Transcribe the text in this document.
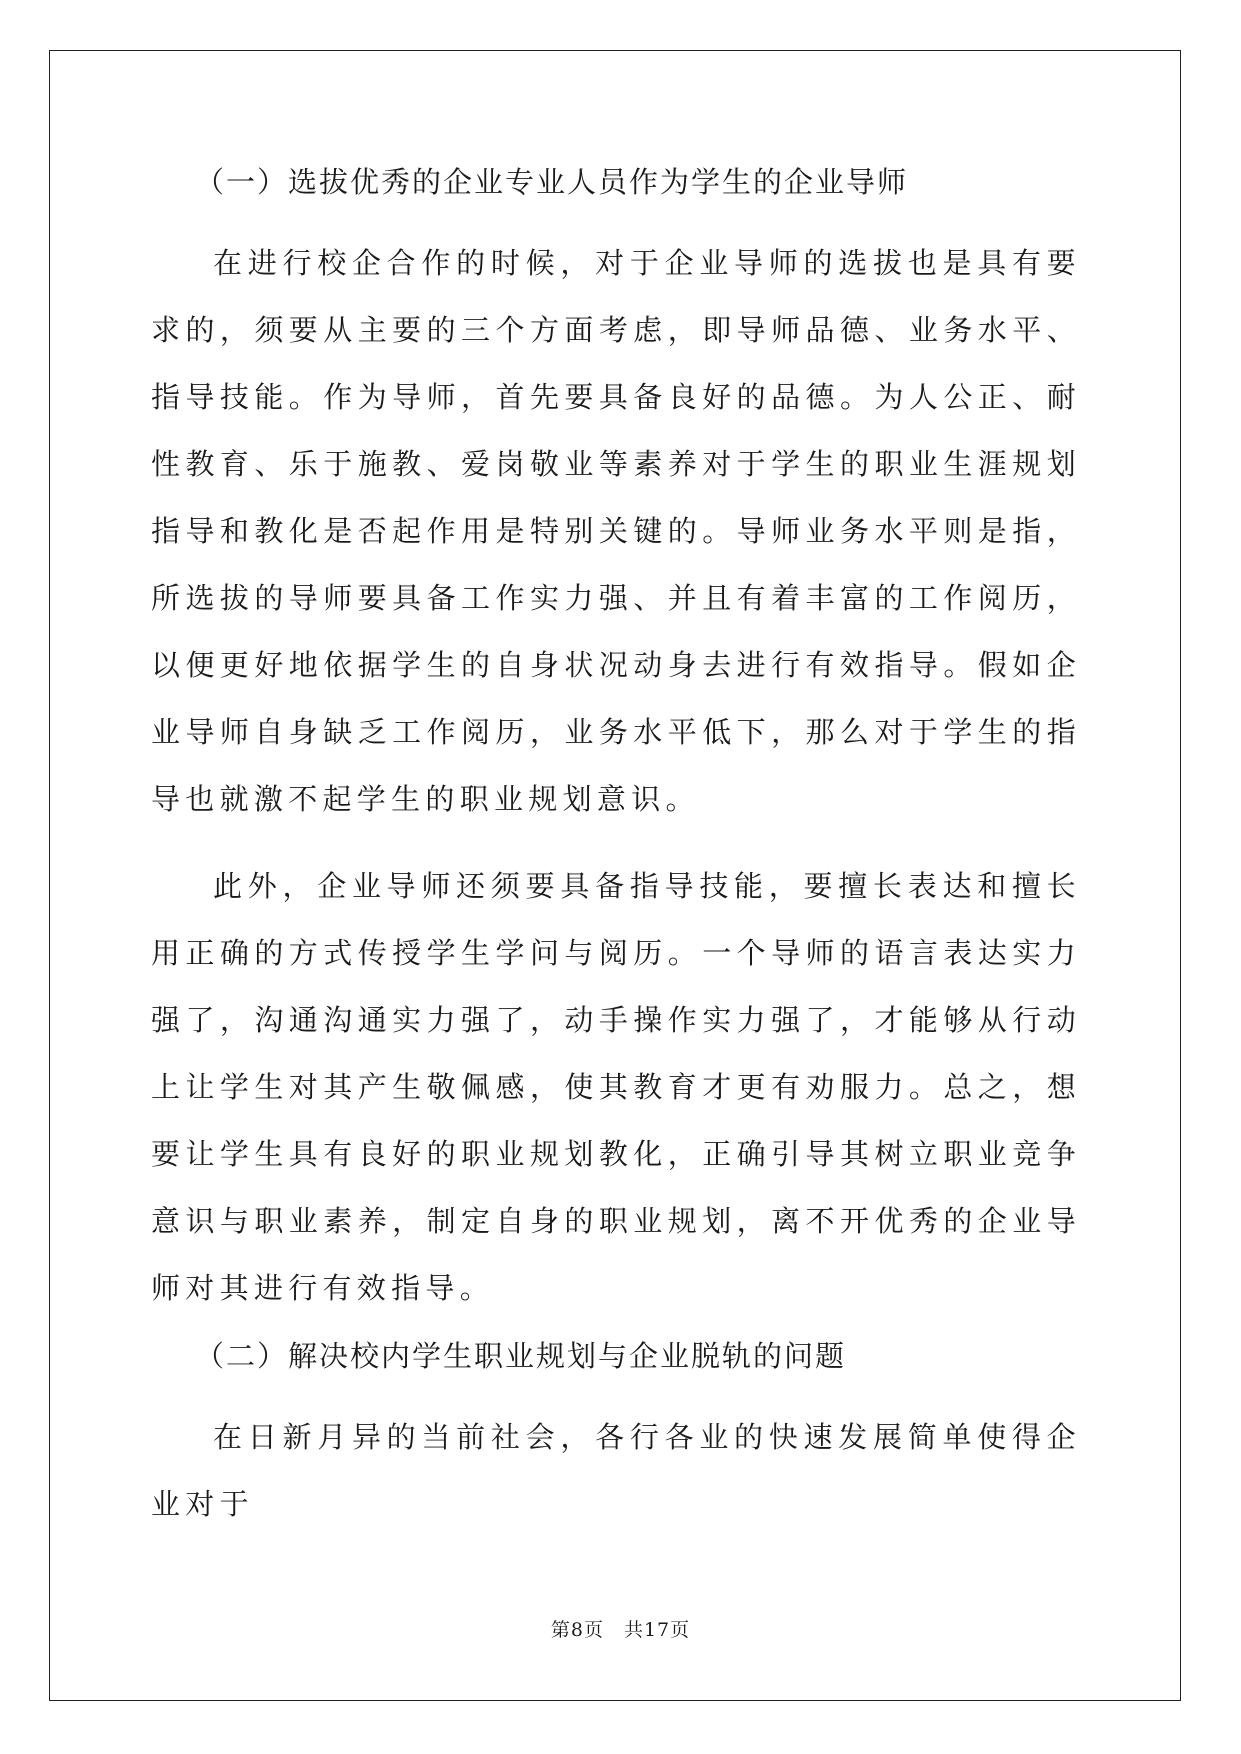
（一）选拔优秀的企业专业人员作为学生的企业导师

在进行校企合作的时候，对于企业导师的选拔也是具有要求的，须要从主要的三个方面考虑，即导师品德、业务水平、指导技能。作为导师，首先要具备良好的品德。为人公正、耐性教育、乐于施教、爱岗敬业等素养对于学生的职业生涯规划指导和教化是否起作用是特别关键的。导师业务水平则是指，所选拔的导师要具备工作实力强、并且有着丰富的工作阅历，以便更好地依据学生的自身状况动身去进行有效指导。假如企业导师自身缺乏工作阅历，业务水平低下，那么对于学生的指导也就激不起学生的职业规划意识。

此外，企业导师还须要具备指导技能，要擅长表达和擅长用正确的方式传授学生学问与阅历。一个导师的语言表达实力强了，沟通沟通实力强了，动手操作实力强了，才能够从行动上让学生对其产生敬佩感，使其教育才更有劝服力。总之，想要让学生具有良好的职业规划教化，正确引导其树立职业竞争意识与职业素养，制定自身的职业规划，离不开优秀的企业导师对其进行有效指导。

（二）解决校内学生职业规划与企业脱轨的问题

在日新月异的当前社会，各行各业的快速发展简单使得企业对于

第8页　共17页
